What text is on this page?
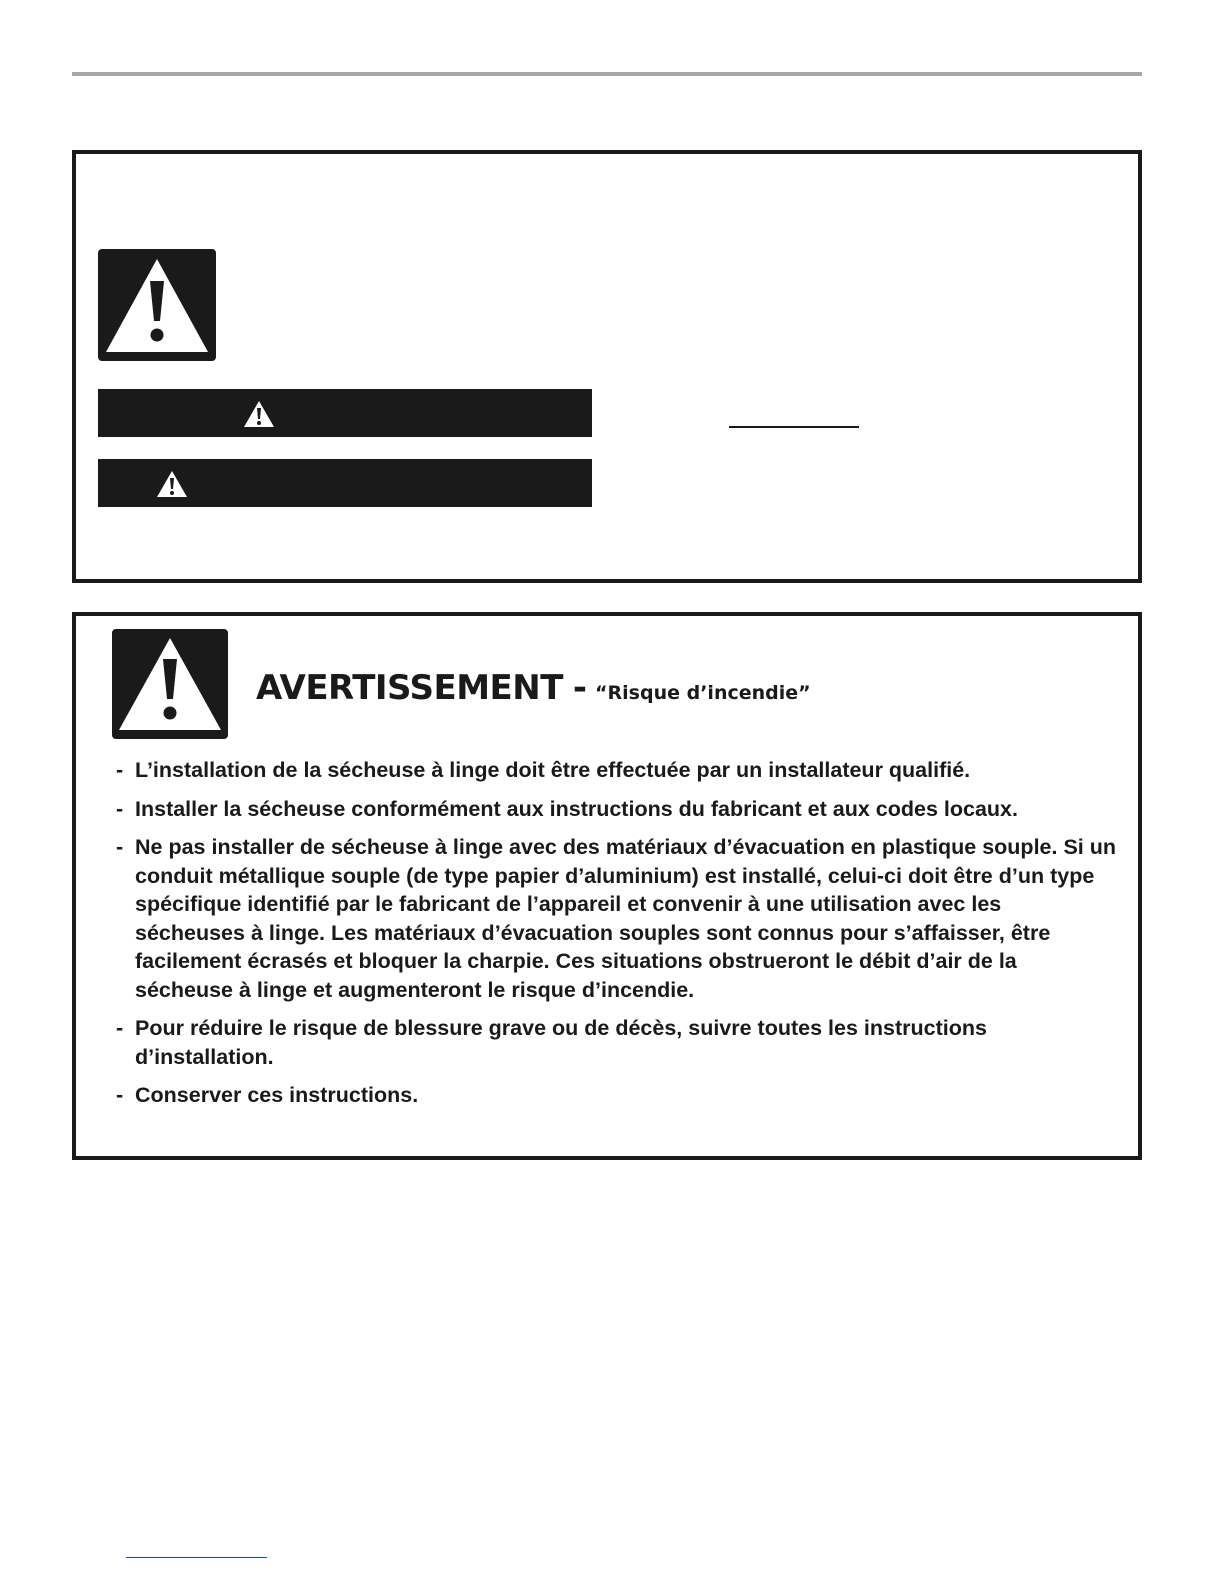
AVERTISSEMENT - “Risque d’incendie”
- L’installation de la sécheuse à linge doit être effectuée par un installateur qualifié.
- Installer la sécheuse conformément aux instructions du fabricant et aux codes locaux.
- Ne pas installer de sécheuse à linge avec des matériaux d’évacuation en plastique souple. Si un conduit métallique souple (de type papier d’aluminium) est installé, celui-ci doit être d’un type spécifique identifié par le fabricant de l’appareil et convenir à une utilisation avec les sécheuses à linge. Les matériaux d’évacuation souples sont connus pour s’affaisser, être facilement écrasés et bloquer la charpie. Ces situations obstrueront le débit d’air de la sécheuse à linge et augmenteront le risque d’incendie.
- Pour réduire le risque de blessure grave ou de décès, suivre toutes les instructions d’installation.
- Conserver ces instructions.
